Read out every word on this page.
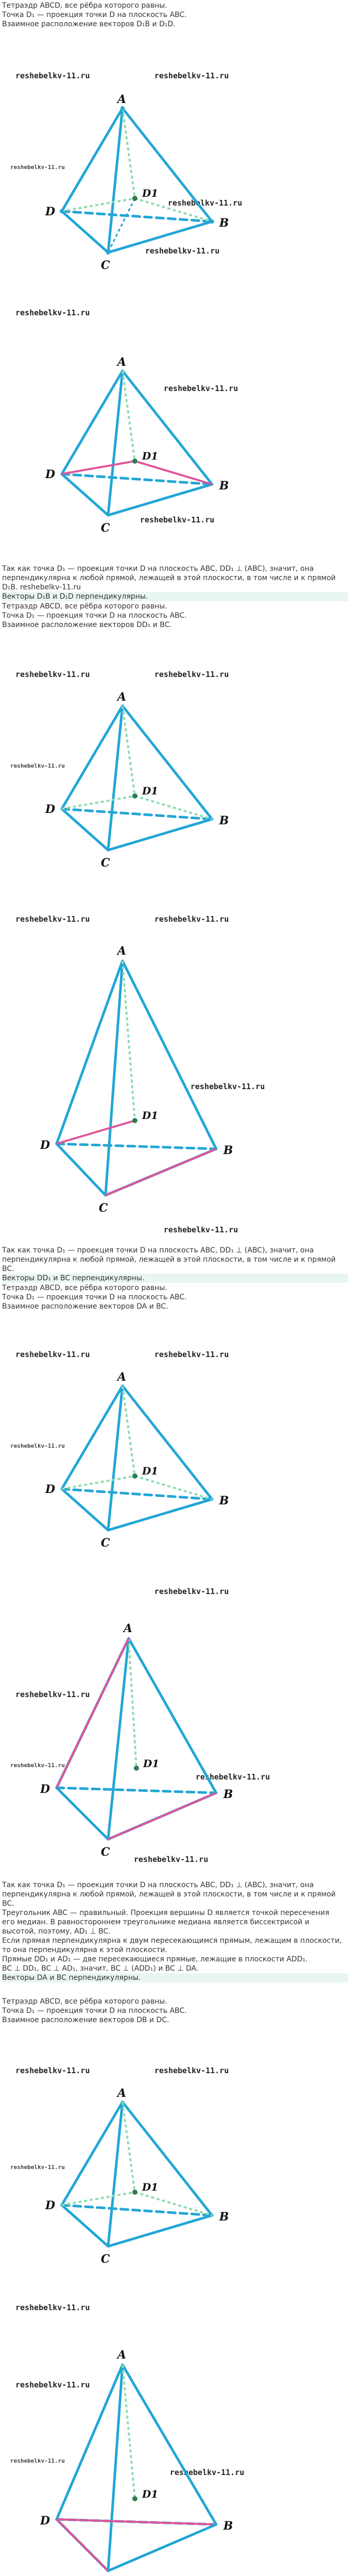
Тетраэдр ABCD, все рёбра которого равны.
Точка D₁ — проекция точки D на плоскость ABC.
Взаимное расположение векторов D₁B и D₁D.
reshebelkv-11.ru	reshebelkv-11.ru
reshebelkv-11.ru
reshebelkv-11.ru
reshebelkv-11.ru
A
D
C
B
D1
reshebelkv-11.ru
reshebelkv-11.ru
reshebelkv-11.ru
A
D
C
B
D1
Так как точка D₁ — проекция точки D на плоскость ABC, DD₁ ⊥ (ABC), значит, она
перпендикулярна к любой прямой, лежащей в этой плоскости, в том числе и к прямой
D₁B. reshebelkv-11.ru
Векторы D₁B и D₁D перпендикулярны.
Тетраэдр ABCD, все рёбра которого равны.
Точка D₁ — проекция точки D на плоскость ABC.
Взаимное расположение векторов DD₁ и BC.
reshebelkv-11.ru	reshebelkv-11.ru
reshebelkv-11.ru
A
D
C
B
D1
reshebelkv-11.ru	reshebelkv-11.ru
reshebelkv-11.ru
reshebelkv-11.ru
A
D
C
B
D1
Так как точка D₁ — проекция точки D на плоскость ABC, DD₁ ⊥ (ABC), значит, она
перпендикулярна к любой прямой, лежащей в этой плоскости, в том числе и к прямой
BC.
Векторы DD₁ и BC перпендикулярны.
Тетраэдр ABCD, все рёбра которого равны.
Точка D₁ — проекция точки D на плоскость ABC.
Взаимное расположение векторов DA и BC.
reshebelkv-11.ru	reshebelkv-11.ru
reshebelkv-11.ru
A
D
C
B
D1
reshebelkv-11.ru
reshebelkv-11.ru
reshebelkv-11.ru
reshebelkv-11.ru
reshebelkv-11.ru
A
D
C
B
D1
Так как точка D₁ — проекция точки D на плоскость ABC, DD₁ ⊥ (ABC), значит, она
перпендикулярна к любой прямой, лежащей в этой плоскости, в том числе и к прямой
BC.
Треугольник ABC — правильный. Проекция вершины D является точкой пересечения
его медиан. В равностороннем треугольнике медиана является биссектрисой и
высотой, поэтому, AD₁ ⊥ BC.
Если прямая перпендикулярна к двум пересекающимся прямым, лежащим в плоскости,
то она перпендикулярна к этой плоскости.
Прямые DD₁ и AD₁ — две пересекающиеся прямые, лежащие в плоскости ADD₁.
BC ⊥ DD₁, BC ⊥ AD₁, значит, BC ⊥ (ADD₁) и BC ⊥ DA.
Векторы DA и BC перпендикулярны.
Тетраэдр ABCD, все рёбра которого равны.
Точка D₁ — проекция точки D на плоскость ABC.
Взаимное расположение векторов DB и DC.
reshebelkv-11.ru	reshebelkv-11.ru
reshebelkv-11.ru
A
D
C
B
D1
reshebelkv-11.ru
reshebelkv-11.ru
reshebelkv-11.ru
reshebelkv-11.ru
A
D	B
D1
